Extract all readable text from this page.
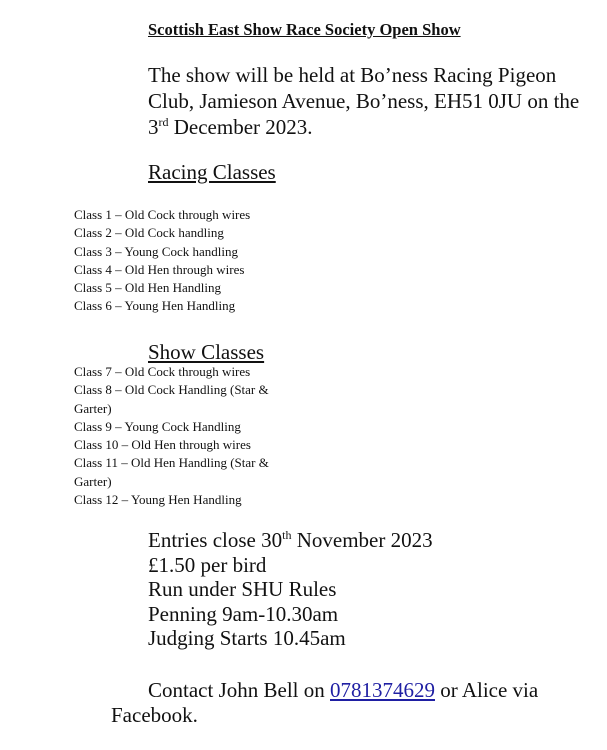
Scottish East Show Race Society Open Show

The show will be held at Bo’ness Racing Pigeon Club, Jamieson Avenue, Bo’ness, EH51 0JU on the 3rd December 2023.

Racing Classes
Class 1 – Old Cock through wires
Class 2 – Old Cock handling
Class 3 – Young Cock handling
Class 4 – Old Hen through wires
Class 5 – Old Hen Handling
Class 6 – Young Hen Handling
Show Classes
Class 7 – Old Cock through wires
Class 8 – Old Cock Handling (Star & Garter)
Class 9 – Young Cock Handling
Class 10 – Old Hen through wires
Class 11 – Old Hen Handling (Star & Garter)
Class 12 – Young Hen Handling
Entries close 30th November 2023
£1.50 per bird
Run under SHU Rules
Penning 9am-10.30am
Judging Starts 10.45am
Contact John Bell on 0781374629 or Alice via Facebook.
